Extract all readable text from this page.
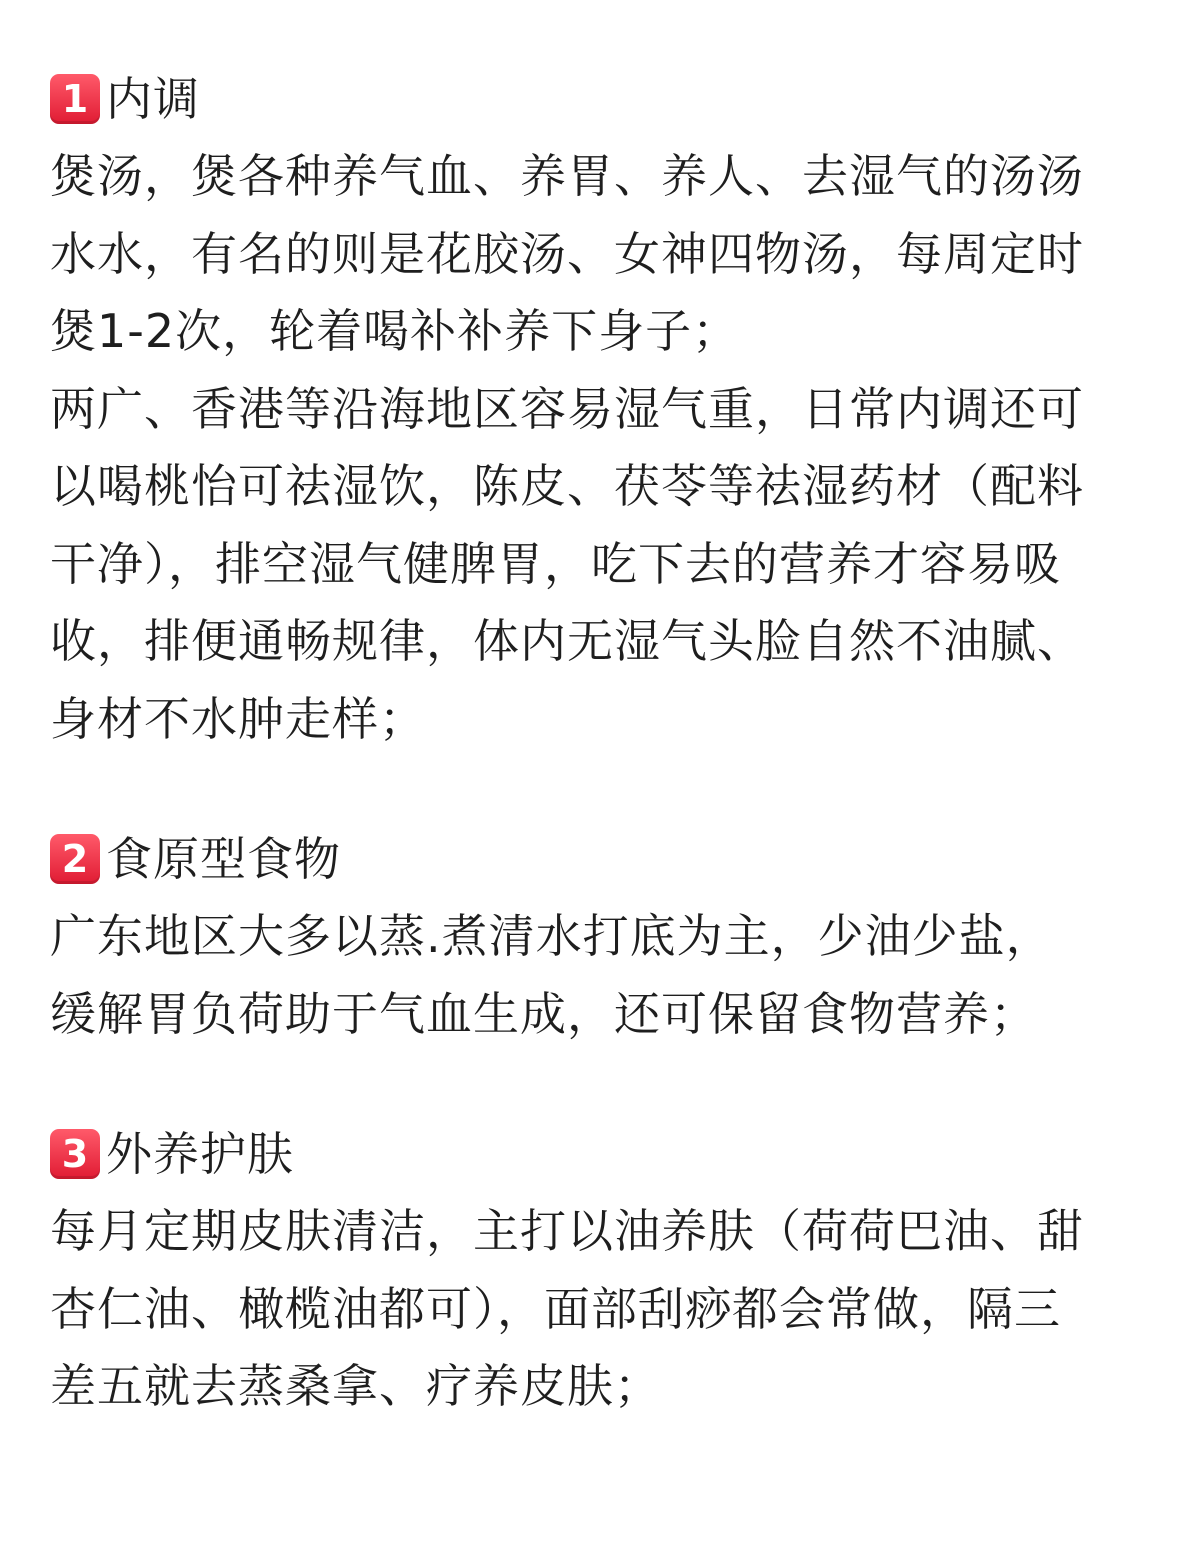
1 内调
煲汤，煲各种养气血、养胃、养人、去湿气的汤汤
水水，有名的则是花胶汤、女神四物汤，每周定时
煲1-2次，轮着喝补补养下身子；
两广、香港等沿海地区容易湿气重，日常内调还可
以喝桃怡可祛湿饮，陈皮、茯苓等祛湿药材（配料
干净），排空湿气健脾胃，吃下去的营养才容易吸
收，排便通畅规律，体内无湿气头脸自然不油腻、
身材不水肿走样；
2 食原型食物
广东地区大多以蒸.煮清水打底为主，少油少盐，
缓解胃负荷助于气血生成，还可保留食物营养；
3 外养护肤
每月定期皮肤清洁，主打以油养肤（荷荷巴油、甜
杏仁油、橄榄油都可），面部刮痧都会常做，隔三
差五就去蒸桑拿、疗养皮肤；
